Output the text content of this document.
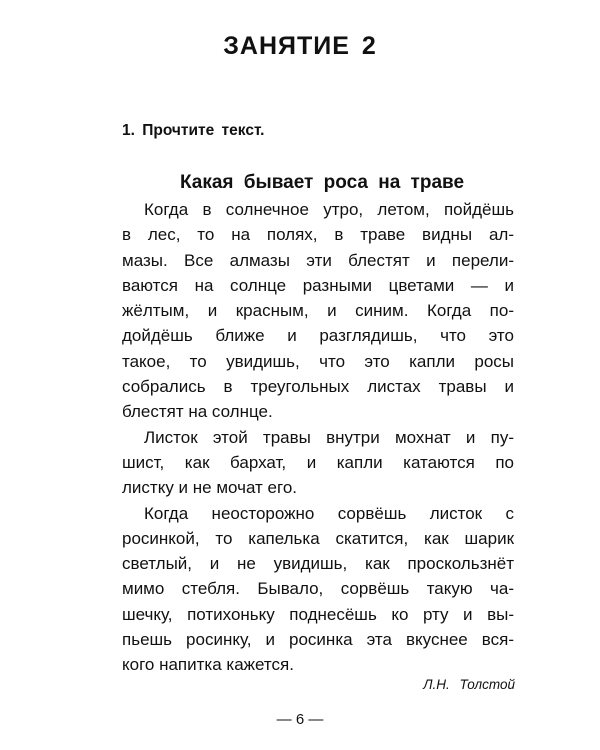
ЗАНЯТИЕ 2
1. Прочтите текст.
Какая бывает роса на траве
Когда в солнечное утро, летом, пойдёшь
в лес, то на полях, в траве видны ал-
мазы. Все алмазы эти блестят и перели-
ваются на солнце разными цветами — и
жёлтым, и красным, и синим. Когда по-
дойдёшь ближе и разглядишь, что это
такое, то увидишь, что это капли росы
собрались в треугольных листах травы и
блестят на солнце.
Листок этой травы внутри мохнат и пу-
шист, как бархат, и капли катаются по
листку и не мочат его.
Когда неосторожно сорвёшь листок с
росинкой, то капелька скатится, как шарик
светлый, и не увидишь, как проскользнёт
мимо стебля. Бывало, сорвёшь такую ча-
шечку, потихоньку поднесёшь ко рту и вы-
пьешь росинку, и росинка эта вкуснее вся-
кого напитка кажется.
Л.Н. Толстой
— 6 —
